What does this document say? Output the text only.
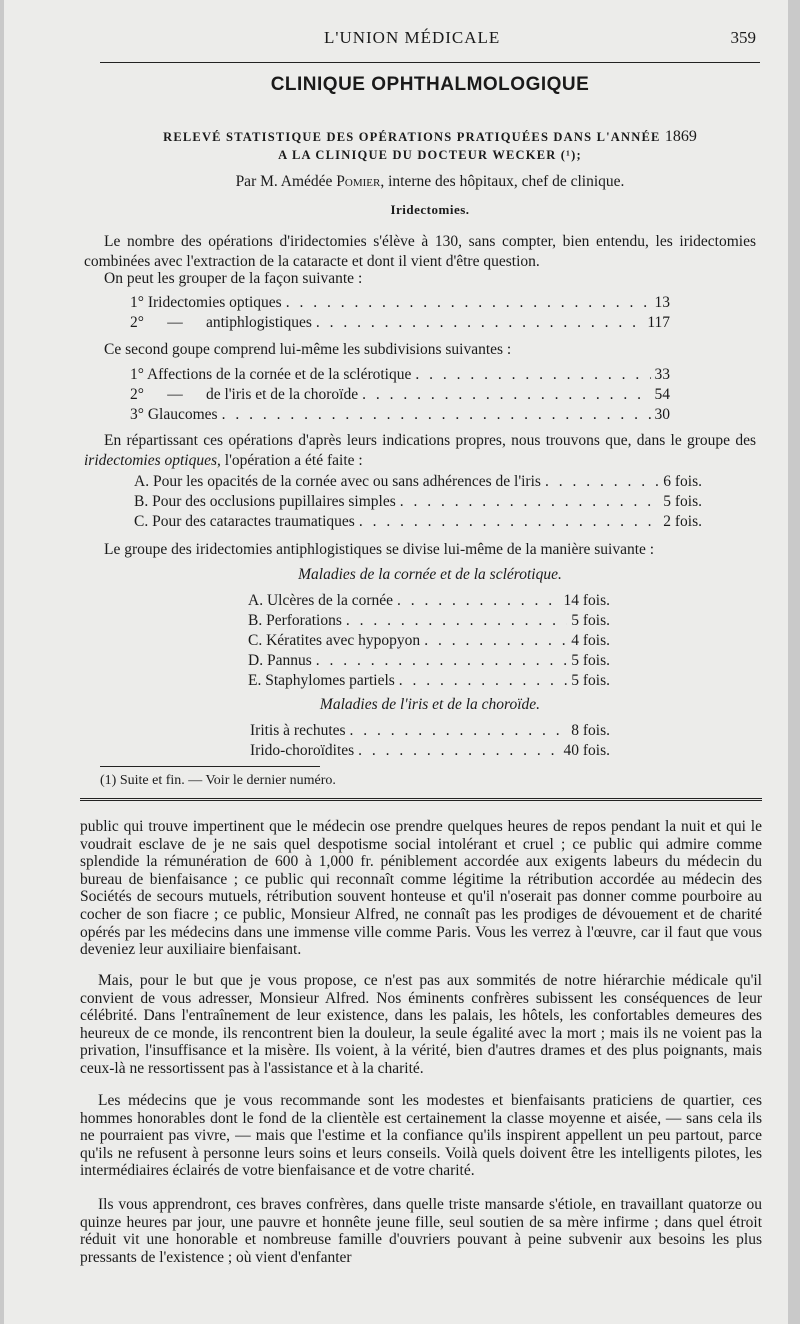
L'UNION MÉDICALE	359
CLINIQUE OPHTHALMOLOGIQUE
RELEVÉ STATISTIQUE DES OPÉRATIONS PRATIQUÉES DANS L'ANNÉE 1869
A LA CLINIQUE DU DOCTEUR WECKER (¹);
Par M. Amédée Pomier, interne des hôpitaux, chef de clinique.
Iridectomies.

Le nombre des opérations d'iridectomies s'élève à 130, sans compter, bien entendu, les iridectomies combinées avec l'extraction de la cataracte et dont il vient d'être question.

On peut les grouper de la façon suivante :

1° Iridectomies optiques . . .	13
2°      —      antiphlogistiques . . .	117

Ce second goupe comprend lui-même les subdivisions suivantes :

1° Affections de la cornée et de la sclérotique . . .	33
2°      —      de l'iris et de la choroïde . . .	54
3° Glaucomes . . .	30

En répartissant ces opérations d'après leurs indications propres, nous trouvons que, dans le groupe des iridectomies optiques, l'opération a été faite :

A. Pour les opacités de la cornée avec ou sans adhérences de l'iris . . .	6 fois.
B. Pour des occlusions pupillaires simples . . .	5 fois.
C. Pour des cataractes traumatiques . . .	2 fois.

Le groupe des iridectomies antiphlogistiques se divise lui-même de la manière suivante :

Maladies de la cornée et de la sclérotique.
A. Ulcères de la cornée . . .	14 fois.
B. Perforations . . .	5 fois.
C. Kératites avec hypopyon . . .	4 fois.
D. Pannus . . .	5 fois.
E. Staphylomes partiels . . .	5 fois.
Maladies de l'iris et de la choroïde.
Iritis à rechutes . . .	8 fois.
Irido-choroïdites . . .	40 fois.
(1) Suite et fin. — Voir le dernier numéro.

public qui trouve impertinent que le médecin ose prendre quelques heures de repos pendant la nuit et qui le voudrait esclave de je ne sais quel despotisme social intolérant et cruel ; ce public qui admire comme splendide la rémunération de 600 à 1,000 fr. péniblement accordée aux exigents labeurs du médecin du bureau de bienfaisance ; ce public qui reconnaît comme légitime la rétribution accordée au médecin des Sociétés de secours mutuels, rétribution souvent honteuse et qu'il n'oserait pas donner comme pourboire au cocher de son fiacre ; ce public, Monsieur Alfred, ne connaît pas les prodiges de dévouement et de charité opérés par les médecins dans une immense ville comme Paris. Vous les verrez à l'œuvre, car il faut que vous deveniez leur auxiliaire bienfaisant.

Mais, pour le but que je vous propose, ce n'est pas aux sommités de notre hiérarchie médicale qu'il convient de vous adresser, Monsieur Alfred. Nos éminents confrères subissent les conséquences de leur célébrité. Dans l'entraînement de leur existence, dans les palais, les hôtels, les confortables demeures des heureux de ce monde, ils rencontrent bien la douleur, la seule égalité avec la mort ; mais ils ne voient pas la privation, l'insuffisance et la misère. Ils voient, à la vérité, bien d'autres drames et des plus poignants, mais ceux-là ne ressortissent pas à l'assistance et à la charité.

Les médecins que je vous recommande sont les modestes et bienfaisants praticiens de quartier, ces hommes honorables dont le fond de la clientèle est certainement la classe moyenne et aisée, — sans cela ils ne pourraient pas vivre, — mais que l'estime et la confiance qu'ils inspirent appellent un peu partout, parce qu'ils ne refusent à personne leurs soins et leurs conseils. Voilà quels doivent être les intelligents pilotes, les intermédiaires éclairés de votre bienfaisance et de votre charité.

Ils vous apprendront, ces braves confrères, dans quelle triste mansarde s'étiole, en travaillant quatorze ou quinze heures par jour, une pauvre et honnête jeune fille, seul soutien de sa mère infirme ; dans quel étroit réduit vit une honorable et nombreuse famille d'ouvriers pouvant à peine subvenir aux besoins les plus pressants de l'existence ; où vient d'enfanter
